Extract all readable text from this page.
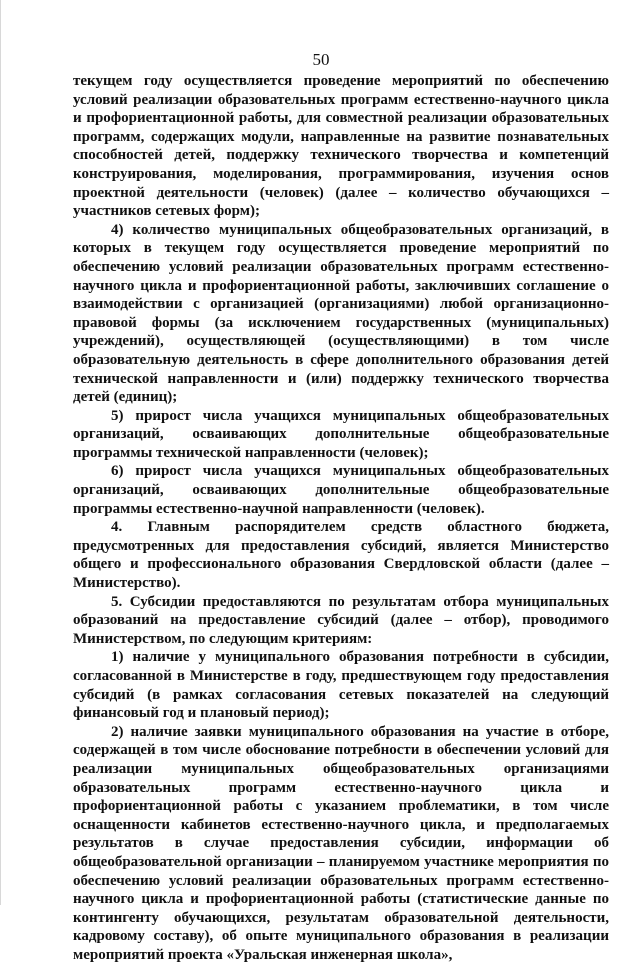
50

текущем году осуществляется проведение мероприятий по обеспечению условий реализации образовательных программ естественно-научного цикла и профориентационной работы, для совместной реализации образовательных программ, содержащих модули, направленные на развитие познавательных способностей детей, поддержку технического творчества и компетенций конструирования, моделирования, программирования, изучения основ проектной деятельности (человек) (далее – количество обучающихся – участников сетевых форм);

4) количество муниципальных общеобразовательных организаций, в которых в текущем году осуществляется проведение мероприятий по обеспечению условий реализации образовательных программ естественно-научного цикла и профориентационной работы, заключивших соглашение о взаимодействии с организацией (организациями) любой организационно-правовой формы (за исключением государственных (муниципальных) учреждений), осуществляющей (осуществляющими) в том числе образовательную деятельность в сфере дополнительного образования детей технической направленности и (или) поддержку технического творчества детей (единиц);

5) прирост числа учащихся муниципальных общеобразовательных организаций, осваивающих дополнительные общеобразовательные программы технической направленности (человек);

6) прирост числа учащихся муниципальных общеобразовательных организаций, осваивающих дополнительные общеобразовательные программы естественно-научной направленности (человек).

4. Главным распорядителем средств областного бюджета, предусмотренных для предоставления субсидий, является Министерство общего и профессионального образования Свердловской области (далее – Министерство).

5. Субсидии предоставляются по результатам отбора муниципальных образований на предоставление субсидий (далее – отбор), проводимого Министерством, по следующим критериям:

1) наличие у муниципального образования потребности в субсидии, согласованной в Министерстве в году, предшествующем году предоставления субсидий (в рамках согласования сетевых показателей на следующий финансовый год и плановый период);

2) наличие заявки муниципального образования на участие в отборе, содержащей в том числе обоснование потребности в обеспечении условий для реализации муниципальных общеобразовательных организациями образовательных программ естественно-научного цикла и профориентационной работы с указанием проблематики, в том числе оснащенности кабинетов естественно-научного цикла, и предполагаемых результатов в случае предоставления субсидии, информации об общеобразовательной организации – планируемом участнике мероприятия по обеспечению условий реализации образовательных программ естественно-научного цикла и профориентационной работы (статистические данные по контингенту обучающихся, результатам образовательной деятельности, кадровому составу), об опыте муниципального образования в реализации мероприятий проекта «Уральская инженерная школа»,
